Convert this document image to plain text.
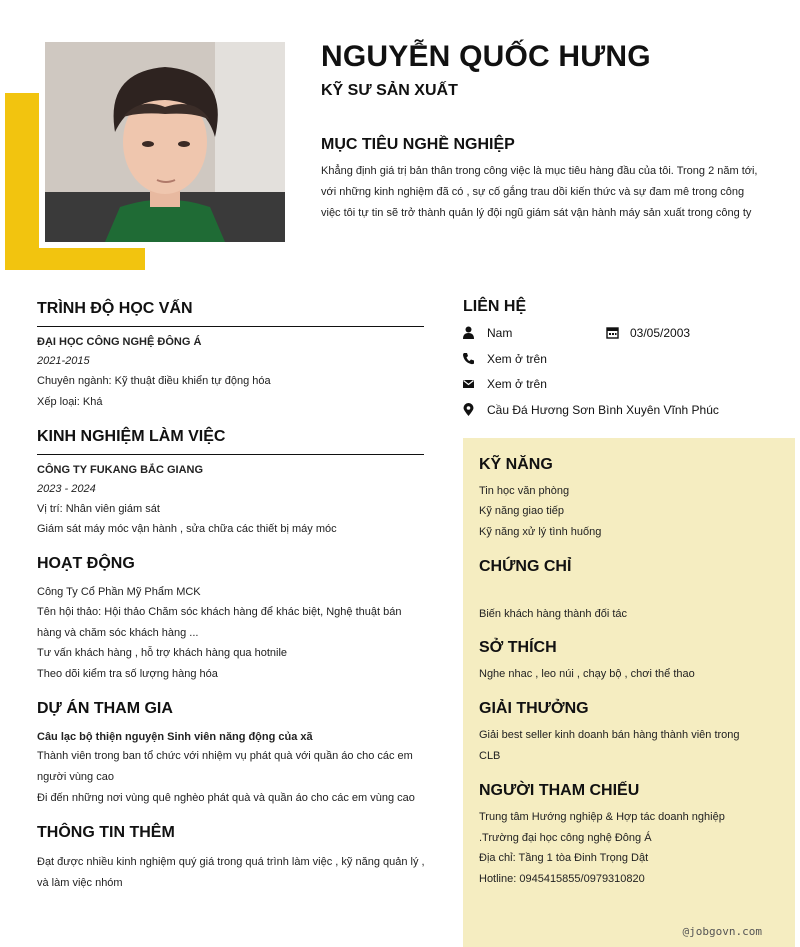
NGUYỄN QUỐC HƯNG
KỸ SƯ SẢN XUẤT
MỤC TIÊU NGHỀ NGHIỆP
Khẳng định giá trị bản thân trong công việc là mục tiêu hàng đầu của tôi. Trong 2 năm tới,
với những kinh nghiệm đã có , sự cố gắng trau dồi kiến thức và sự đam mê trong công
việc tôi tự tin sẽ trở thành quản lý đội ngũ giám sát vận hành máy sản xuất trong công ty
TRÌNH ĐỘ HỌC VẤN
ĐẠI HỌC CÔNG NGHỆ ĐÔNG Á
2021-2015
Chuyên ngành: Kỹ thuật điều khiển tự động hóa
Xếp loại: Khá
KINH NGHIỆM LÀM VIỆC
CÔNG TY FUKANG BẮC GIANG
2023 - 2024
Vị trí: Nhân viên giám sát
Giám sát máy móc vận hành , sửa chữa các thiết bị máy móc
HOẠT ĐỘNG
Công Ty Cổ Phần Mỹ Phẩm MCK
Tên hội thảo: Hội thảo Chăm sóc khách hàng để khác biệt, Nghệ thuật bán
hàng và chăm sóc khách hàng ...
Tư vấn khách hàng , hỗ trợ khách hàng qua hotnile
Theo dõi kiểm tra số lượng hàng hóa
DỰ ÁN THAM GIA
Câu lạc bộ thiện nguyện Sinh viên năng động của xã
Thành viên trong ban tổ chức với nhiệm vụ phát quà với quần áo cho các em
người vùng cao
Đi đến những nơi vùng quê nghèo phát quà và quần áo cho các em vùng cao
THÔNG TIN THÊM
Đạt được nhiều kinh nghiệm quý giá trong quá trình làm việc , kỹ năng quản lý ,
và làm việc nhóm
LIÊN HỆ
Nam	03/05/2003
Xem ở trên
Xem ở trên
Cầu Đá Hương Sơn Bình Xuyên Vĩnh Phúc
KỸ NĂNG
Tin học văn phòng
Kỹ năng giao tiếp
Kỹ năng xử lý tình huống
CHỨNG CHỈ
Biến khách hàng thành đối tác
SỞ THÍCH
Nghe nhac , leo núi , chạy bộ , chơi thể thao
GIẢI THƯỞNG
Giải best seller kinh doanh bán hàng thành viên trong
CLB
NGƯỜI THAM CHIẾU
Trung tâm Hướng nghiệp & Hợp tác doanh nghiệp
.Trường đại học công nghệ Đông Á
Địa chỉ: Tầng 1 tòa Đinh Trọng Dật
Hotline: 0945415855/0979310820
@jobgovn.com
